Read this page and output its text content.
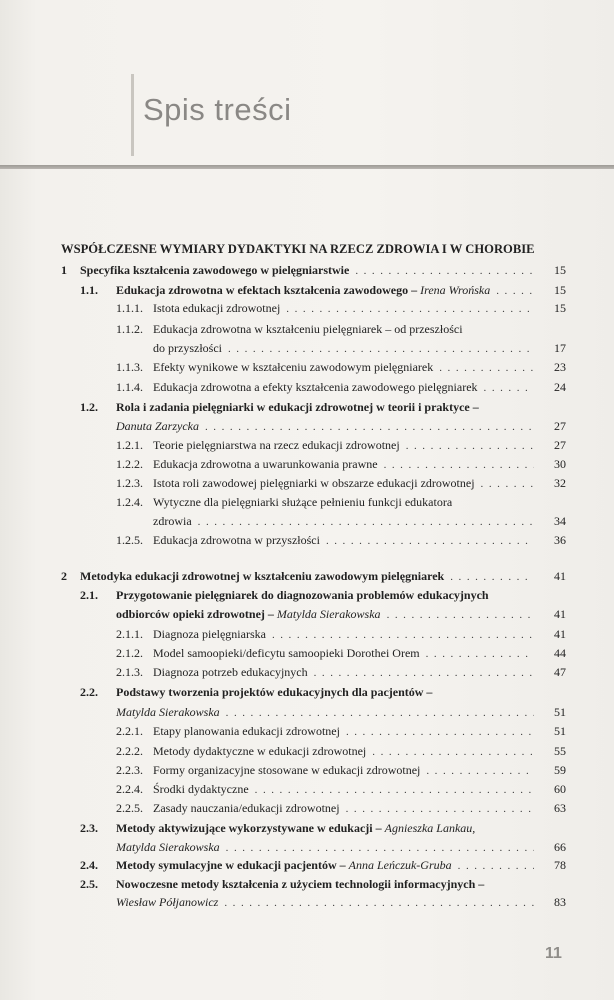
Spis treści
WSPÓŁCZESNE WYMIARY DYDAKTYKI NA RZECZ ZDROWIA I W CHOROBIE
1	Specyfika kształcenia zawodowego w pielęgniarstwie . . .	15
1.1.	Edukacja zdrowotna w efektach kształcenia zawodowego – Irena Wrońska . . .	15
1.1.1. Istota edukacji zdrowotnej . . .	15
1.1.2. Edukacja zdrowotna w kształceniu pielęgniarek – od przeszłości
do przyszłości . . .	17
1.1.3. Efekty wynikowe w kształceniu zawodowym pielęgniarek . . .	23
1.1.4. Edukacja zdrowotna a efekty kształcenia zawodowego pielęgniarek . . .	24
1.2.	Rola i zadania pielęgniarki w edukacji zdrowotnej w teorii i praktyce –
Danuta Zarzycka . . .	27
1.2.1. Teorie pielęgniarstwa na rzecz edukacji zdrowotnej . . .	27
1.2.2. Edukacja zdrowotna a uwarunkowania prawne . . .	30
1.2.3. Istota roli zawodowej pielęgniarki w obszarze edukacji zdrowotnej . . .	32
1.2.4. Wytyczne dla pielęgniarki służące pełnieniu funkcji edukatora
zdrowia . . .	34
1.2.5. Edukacja zdrowotna w przyszłości . . .	36
2	Metodyka edukacji zdrowotnej w kształceniu zawodowym pielęgniarek . . .	41
2.1.	Przygotowanie pielęgniarek do diagnozowania problemów edukacyjnych
odbiorców opieki zdrowotnej – Matylda Sierakowska . . .	41
2.1.1. Diagnoza pielęgniarska . . .	41
2.1.2. Model samoopieki/deficytu samoopieki Dorothei Orem . . .	44
2.1.3. Diagnoza potrzeb edukacyjnych . . .	47
2.2.	Podstawy tworzenia projektów edukacyjnych dla pacjentów –
Matylda Sierakowska . . .	51
2.2.1. Etapy planowania edukacji zdrowotnej . . .	51
2.2.2. Metody dydaktyczne w edukacji zdrowotnej . . .	55
2.2.3. Formy organizacyjne stosowane w edukacji zdrowotnej . . .	59
2.2.4. Środki dydaktyczne . . .	60
2.2.5. Zasady nauczania/edukacji zdrowotnej . . .	63
2.3.	Metody aktywizujące wykorzystywane w edukacji – Agnieszka Lankau,
Matylda Sierakowska . . .	66
2.4.	Metody symulacyjne w edukacji pacjentów – Anna Leńczuk-Gruba . . .	78
2.5.	Nowoczesne metody kształcenia z użyciem technologii informacyjnych –
Wiesław Półjanowicz . . .	83
11
